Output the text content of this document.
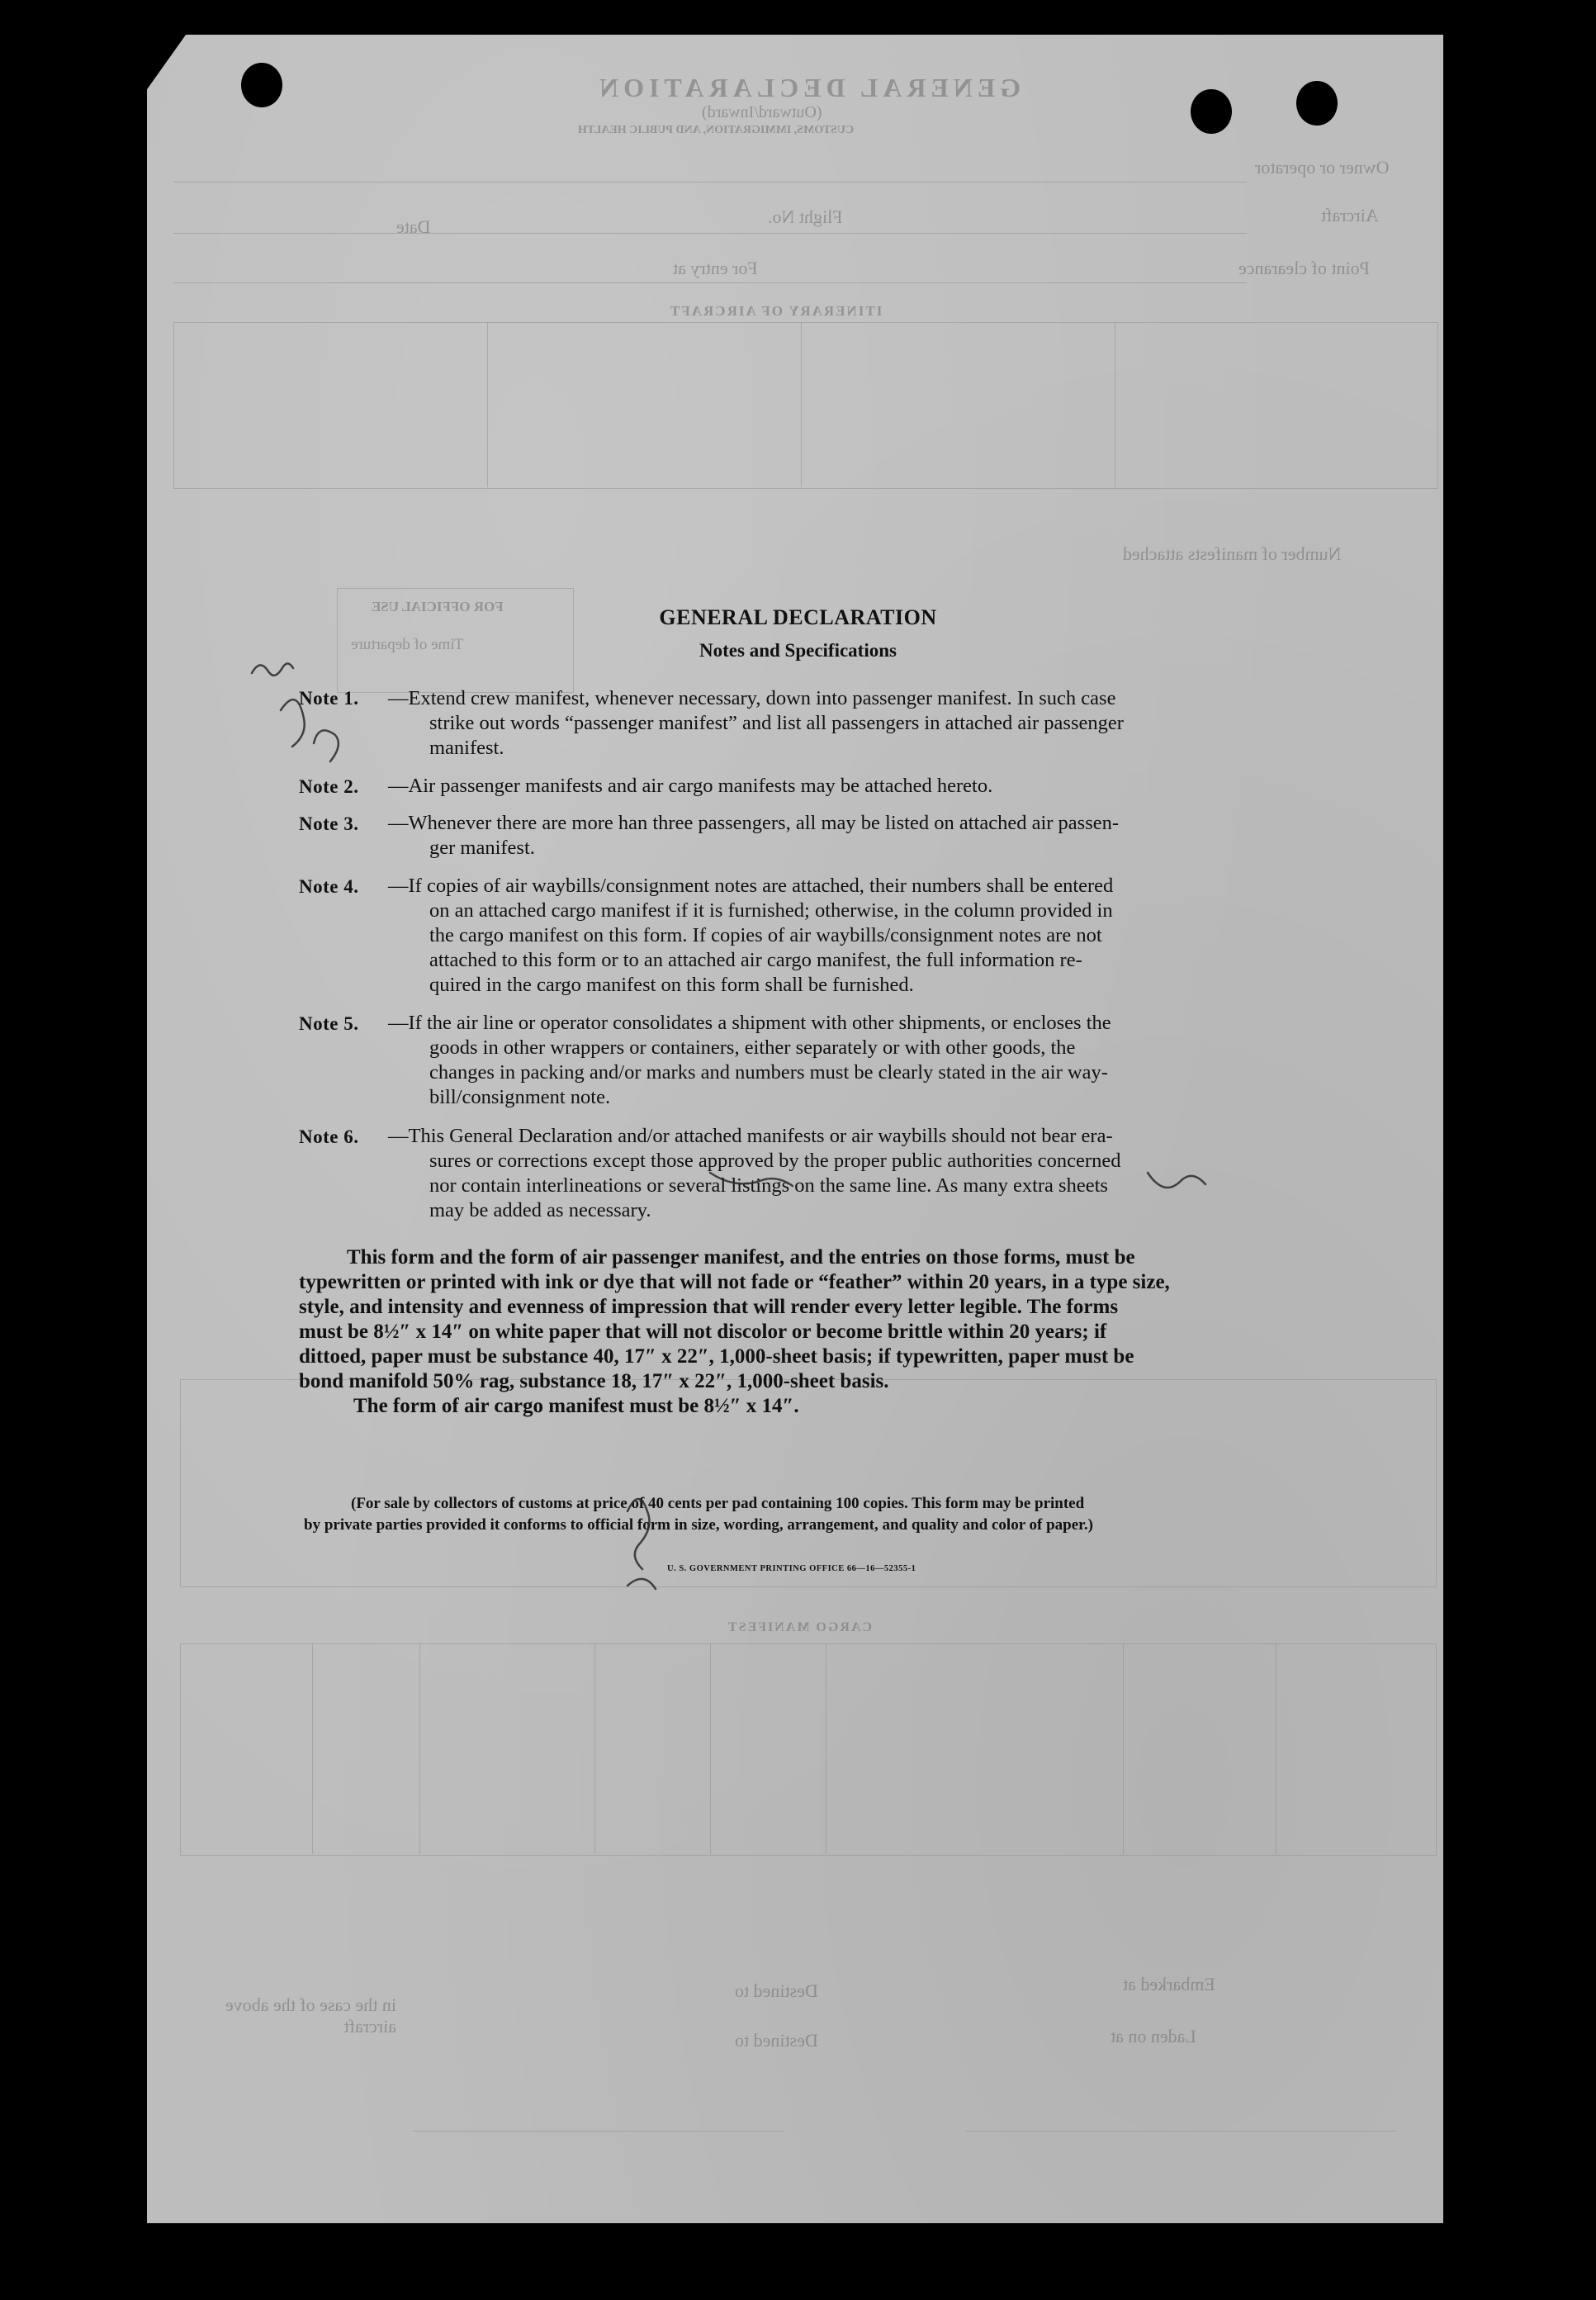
GENERAL DECLARATION
(Outward/Inward)
CUSTOMS, IMMIGRATION, AND PUBLIC HEALTH
Owner or operator
Aircraft
Flight No.
Date
Point of clearance
For entry at
ITINERARY OF AIRCRAFT
Number of manifests attached
FOR OFFICIAL USE
Time of departure
CARGO MANIFEST
Embarked at
Destined to
Laden on at
Destined to
in the case of the above aircraft
GENERAL DECLARATION
Notes and Specifications
Note 1. —Extend crew manifest, whenever necessary, down into passenger manifest. In such case
strike out words “passenger manifest” and list all passengers in attached air passenger
manifest.
Note 2. —Air passenger manifests and air cargo manifests may be attached hereto.
Note 3. —Whenever there are more han three passengers, all may be listed on attached air passen-
ger manifest.
Note 4. —If copies of air waybills/consignment notes are attached, their numbers shall be entered
on an attached cargo manifest if it is furnished; otherwise, in the column provided in
the cargo manifest on this form. If copies of air waybills/consignment notes are not
attached to this form or to an attached air cargo manifest, the full information re-
quired in the cargo manifest on this form shall be furnished.
Note 5. —If the air line or operator consolidates a shipment with other shipments, or encloses the
goods in other wrappers or containers, either separately or with other goods, the
changes in packing and/or marks and numbers must be clearly stated in the air way-
bill/consignment note.
Note 6. —This General Declaration and/or attached manifests or air waybills should not bear era-
sures or corrections except those approved by the proper public authorities concerned
nor contain interlineations or several listings on the same line. As many extra sheets
may be added as necessary.
This form and the form of air passenger manifest, and the entries on those forms, must be
typewritten or printed with ink or dye that will not fade or “feather” within 20 years, in a type size,
style, and intensity and evenness of impression that will render every letter legible. The forms
must be 8½″ x 14″ on white paper that will not discolor or become brittle within 20 years; if
dittoed, paper must be substance 40, 17″ x 22″, 1,000-sheet basis; if typewritten, paper must be
bond manifold 50% rag, substance 18, 17″ x 22″, 1,000-sheet basis.
The form of air cargo manifest must be 8½″ x 14″.
(For sale by collectors of customs at price of 40 cents per pad containing 100 copies. This form may be printed
by private parties provided it conforms to official form in size, wording, arrangement, and quality and color of paper.)
U. S. GOVERNMENT PRINTING OFFICE 66—16—52355-1
